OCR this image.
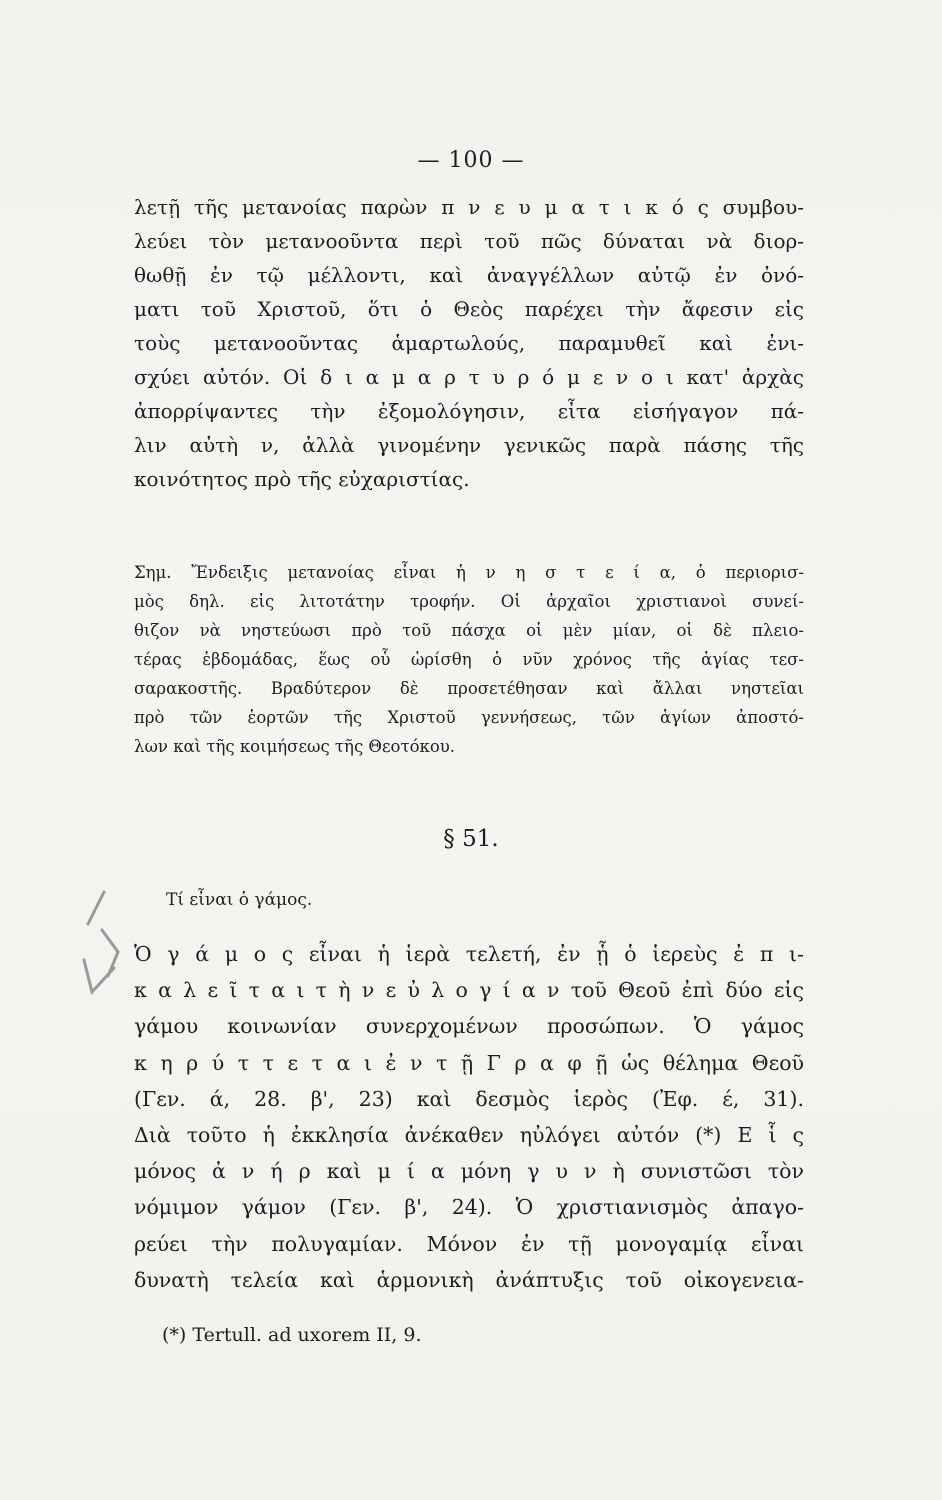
— 100 —
λετῇ τῆς μετανοίας παρὼν π ν ε υ μ α τ ι κ ό ς συμβου-
λεύει τὸν μετανοοῦντα περὶ τοῦ πῶς δύναται νὰ διορ-
θωθῇ ἐν τῷ μέλλοντι, καὶ ἀναγγέλλων αὐτῷ ἐν ὀνό-
ματι τοῦ Χριστοῦ, ὅτι ὁ Θεὸς παρέχει τὴν ἄφεσιν εἰς
τοὺς μετανοοῦντας ἁμαρτωλούς, παραμυθεῖ καὶ ἐνι-
σχύει αὐτόν. Οἱ δ ι α μ α ρ τ υ ρ ό μ ε ν ο ι κατ' ἀρχὰς
ἀπορρίψαντες τὴν ἐξομολόγησιν, εἶτα εἰσήγαγον πά-
λιν αὐτὴ ν, ἀλλὰ γινομένην γενικῶς παρὰ πάσης τῆς
κοινότητος πρὸ τῆς εὐχαριστίας.
Σημ. Ἔνδειξις μετανοίας εἶναι ἡ ν η σ τ ε ί α, ὁ περιορισ-
μὸς δηλ. εἰς λιτοτάτην τροφήν. Οἱ ἀρχαῖοι χριστιανοὶ συνεί-
θιζον νὰ νηστεύωσι πρὸ τοῦ πάσχα οἱ μὲν μίαν, οἱ δὲ πλειο-
τέρας ἑβδομάδας, ἕως οὗ ὡρίσθη ὁ νῦν χρόνος τῆς ἁγίας τεσ-
σαρακοστῆς. Βραδύτερον δὲ προσετέθησαν καὶ ἄλλαι νηστεῖαι
πρὸ τῶν ἑορτῶν τῆς Χριστοῦ γεννήσεως, τῶν ἁγίων ἀποστό-
λων καὶ τῆς κοιμήσεως τῆς Θεοτόκου.
§ 51.
Τί εἶναι ὁ γάμος.
Ὁ γ ά μ ο ς εἶναι ἡ ἱερὰ τελετή, ἐν ᾗ ὁ ἱερεὺς ἐ π ι-
κ α λ ε ῖ τ α ι τ ὴ ν ε ὐ λ ο γ ί α ν τοῦ Θεοῦ ἐπὶ δύο εἰς
γάμου κοινωνίαν συνερχομένων προσώπων. Ὁ γάμος
κ η ρ ύ τ τ ε τ α ι ἐ ν τ ῇ Γ ρ α φ ῇ ὡς θέλημα Θεοῦ
(Γεν. ά, 28. β', 23) καὶ δεσμὸς ἱερὸς (Ἐφ. έ, 31).
Διὰ τοῦτο ἡ ἐκκλησία ἀνέκαθεν ηὐλόγει αὐτόν (*) Ε ἷ ς
μόνος ἀ ν ή ρ καὶ μ ί α μόνη γ υ ν ὴ συνιστῶσι τὸν
νόμιμον γάμον (Γεν. β', 24). Ὁ χριστιανισμὸς ἀπαγο-
ρεύει τὴν πολυγαμίαν. Μόνον ἐν τῇ μονογαμίᾳ εἶναι
δυνατὴ τελεία καὶ ἁρμονικὴ ἀνάπτυξις τοῦ οἰκογενεια-
(*) Tertull. ad uxorem II, 9.
